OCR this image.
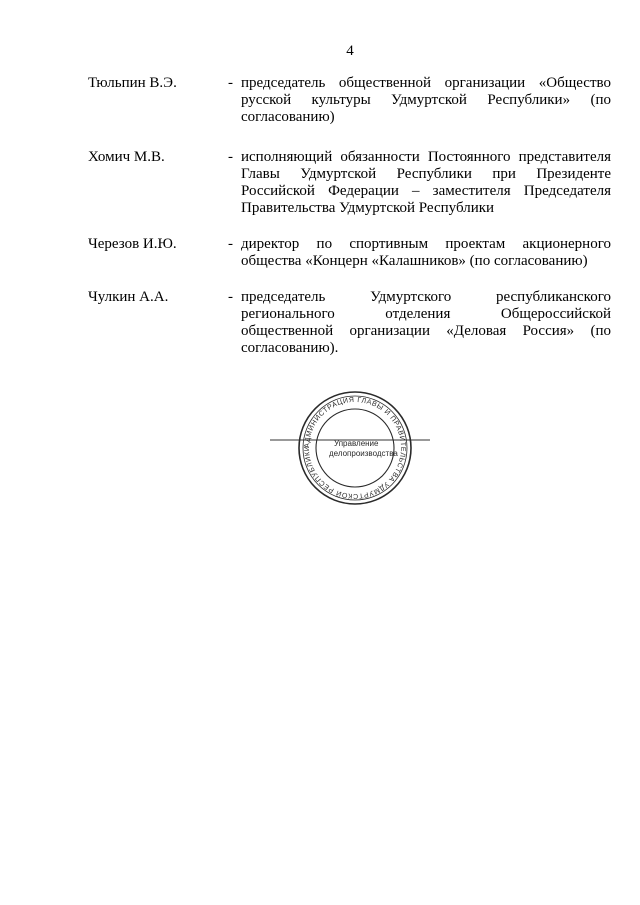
4
Тюльпин В.Э.	- председатель общественной организации «Общество
русской культуры Удмуртской Республики» (по
согласованию)
Хомич М.В.	- исполняющий обязанности Постоянного представителя
Главы Удмуртской Республики при Президенте
Российской Федерации – заместителя Председателя
Правительства Удмуртской Республики
Черезов И.Ю.	- директор по спортивным проектам акционерного
общества «Концерн «Калашников» (по согласованию)
Чулкин А.А.	- председатель Удмуртского республиканского
регионального отделения Общероссийской
общественной организации «Деловая Россия» (по
согласованию).
АДМИНИСТРАЦИЯ ГЛАВЫ И ПРАВИТЕЛЬСТВА УДМУРТСКОЙ РЕСПУБЛИКИ
Управление
делопроизводства
